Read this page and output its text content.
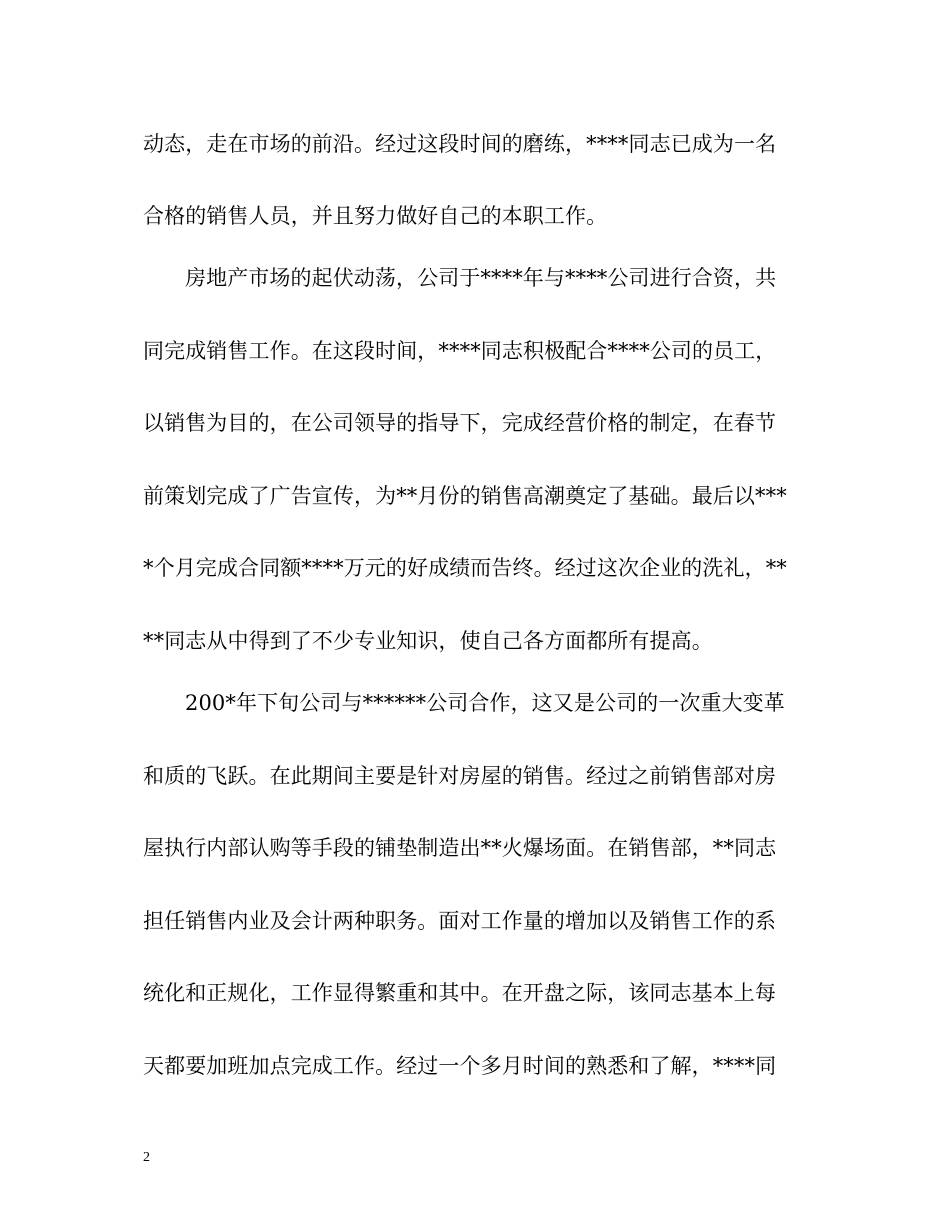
动态，走在市场的前沿。经过这段时间的磨练，****同志已成为一名
合格的销售人员，并且努力做好自己的本职工作。
房地产市场的起伏动荡，公司于****年与****公司进行合资，共
同完成销售工作。在这段时间，****同志积极配合****公司的员工，
以销售为目的，在公司领导的指导下，完成经营价格的制定，在春节
前策划完成了广告宣传，为**月份的销售高潮奠定了基础。最后以***
*个月完成合同额****万元的好成绩而告终。经过这次企业的洗礼，**
**同志从中得到了不少专业知识，使自己各方面都所有提高。
200*年下旬公司与******公司合作，这又是公司的一次重大变革
和质的飞跃。在此期间主要是针对房屋的销售。经过之前销售部对房
屋执行内部认购等手段的铺垫制造出**火爆场面。在销售部，**同志
担任销售内业及会计两种职务。面对工作量的增加以及销售工作的系
统化和正规化，工作显得繁重和其中。在开盘之际，该同志基本上每
天都要加班加点完成工作。经过一个多月时间的熟悉和了解，****同
2
